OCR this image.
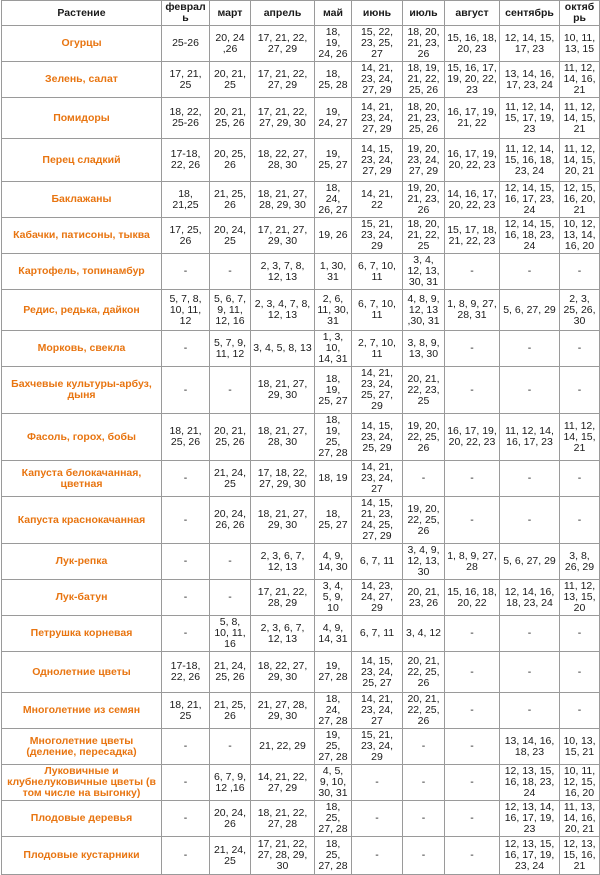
Растение	февраль	март	апрель	май	июнь	июль	август	сентябрь	октябрь
Огурцы	25-26	20, 24 ,26	17, 21, 22, 27, 29	18, 19, 24, 26	15, 22, 23, 25, 27	18, 20, 21, 23, 26	15, 16, 18, 20, 23	12, 14, 15, 17, 23	10, 11, 13, 15
Зелень, салат	17, 21, 25	20, 21, 25	17, 21, 22, 27, 29	18, 25, 28	14, 21, 23, 24, 27, 29	18, 19, 21, 22, 25, 26	15, 16, 17, 19, 20, 22, 23	13, 14, 16, 17, 23, 24	11, 12, 14, 16, 21
Помидоры	18, 22, 25-26	20, 21, 25, 26	17, 21, 22, 27, 29, 30	19, 24, 27	14, 21, 23, 24, 27, 29	18, 20, 21, 23, 25, 26	16, 17, 19, 21, 22	11, 12, 14, 15, 17, 19, 23	11, 12, 14, 15, 21
Перец сладкий	17-18, 22, 26	20, 25, 26	18, 22, 27, 28, 30	19, 25, 27	14, 15, 23, 24, 27, 29	19, 20, 23, 24, 27, 29	16, 17, 19, 20, 22, 23	11, 12, 14, 15, 16, 18, 23, 24	11, 12, 14, 15, 20, 21
Баклажаны	18, 21,25	21, 25, 26	18, 21, 27, 28, 29, 30	18, 24, 26, 27	14, 21, 22	19, 20, 21, 23, 26	14, 16, 17, 20, 22, 23	12, 14, 15, 16, 17, 23, 24	12, 15, 16, 20, 21
Кабачки, патисоны, тыква	17, 25, 26	20, 24, 25	17, 21, 27, 29, 30	19, 26	15, 21, 23, 24, 29	18, 20, 21, 22, 25	15, 17, 18, 21, 22, 23	12, 14, 15, 16, 18, 23, 24	10, 12, 13, 14, 16, 20
Картофель, топинамбур	-	-	2, 3, 7, 8, 12, 13	1, 30, 31	6, 7, 10, 11	3, 4, 12, 13, 30, 31	-	-	-
Редис, редька, дайкон	5, 7, 8, 10, 11, 12	5, 6, 7, 9, 11, 12, 16	2, 3, 4, 7, 8, 12, 13	2, 6, 11, 30, 31	6, 7, 10, 11	4, 8, 9, 12, 13 ,30, 31	1, 8, 9, 27, 28, 31	5, 6, 27, 29	2, 3, 25, 26, 30
Морковь, свекла	-	5, 7, 9, 11, 12	3, 4, 5, 8, 13	1, 3, 10, 14, 31	2, 7, 10, 11	3, 8, 9, 13, 30	-	-	-
Бахчевые культуры-арбуз, дыня	-	-	18, 21, 27, 29, 30	18, 19, 25, 27	14, 21, 23, 24, 25, 27, 29	20, 21, 22, 23, 25	-	-	-
Фасоль, горох, бобы	18, 21, 25, 26	20, 21, 25, 26	18, 21, 27, 28, 30	18, 19, 25, 27, 28	14, 15, 23, 24, 25, 29	19, 20, 22, 25, 26	16, 17, 19, 20, 22, 23	11, 12, 14, 16, 17, 23	11, 12, 14, 15, 21
Капуста белокачанная, цветная	-	21, 24, 25	17, 18, 22, 27, 29, 30	18, 19	14, 21, 23, 24, 27	-	-	-	-
Капуста краснокачанная	-	20, 24, 26, 26	18, 21, 27, 29, 30	18, 25, 27	14, 15, 21, 23, 24, 25, 27, 29	19, 20, 22, 25, 26	-	-	-
Лук-репка	-	-	2, 3, 6, 7, 12, 13	4, 9, 14, 30	6, 7, 11	3, 4, 9, 12, 13, 30	1, 8, 9, 27, 28	5, 6, 27, 29	3, 8, 26, 29
Лук-батун	-	-	17, 21, 22, 28, 29	3, 4, 5, 9, 10	14, 23, 24, 27, 29	20, 21, 23, 26	15, 16, 18, 20, 22	12, 14, 16, 18, 23, 24	11, 12, 13, 15, 20
Петрушка корневая	-	5, 8, 10, 11, 16	2, 3, 6, 7, 12, 13	4, 9, 14, 31	6, 7, 11	3, 4, 12	-	-	-
Однолетние цветы	17-18, 22, 26	21, 24, 25, 26	18, 22, 27, 29, 30	19, 27, 28	14, 15, 23, 24, 25, 27	20, 21, 22, 25, 26	-	-	-
Многолетние из семян	18, 21, 25	21, 25, 26	21, 27, 28, 29, 30	18, 24, 27, 28	14, 21, 23, 24, 27	20, 21, 22, 25, 26	-	-	-
Многолетние цветы (деление, пересадка)	-	-	21, 22, 29	19, 25, 27, 28	15, 21, 23, 24, 29	-	-	13, 14, 16, 18, 23	10, 13, 15, 21
Луковичные и клубнелуковичные цветы (в том числе на выгонку)	-	6, 7, 9, 12 ,16	14, 21, 22, 27, 29	4, 5, 9, 10, 30, 31	-	-	-	12, 13, 15, 16, 18, 23, 24	10, 11, 12, 15, 16, 20
Плодовые деревья	-	20, 24, 26	18, 21, 22, 27, 28	18, 25, 27, 28	-	-	-	12, 13, 14, 16, 17, 19, 23	11, 13, 14, 16, 20, 21
Плодовые кустарники	-	21, 24, 25	17, 21, 22, 27, 28, 29, 30	18, 25, 27, 28	-	-	-	12, 13, 15, 16, 17, 19, 23, 24	12, 13, 15, 16, 21
